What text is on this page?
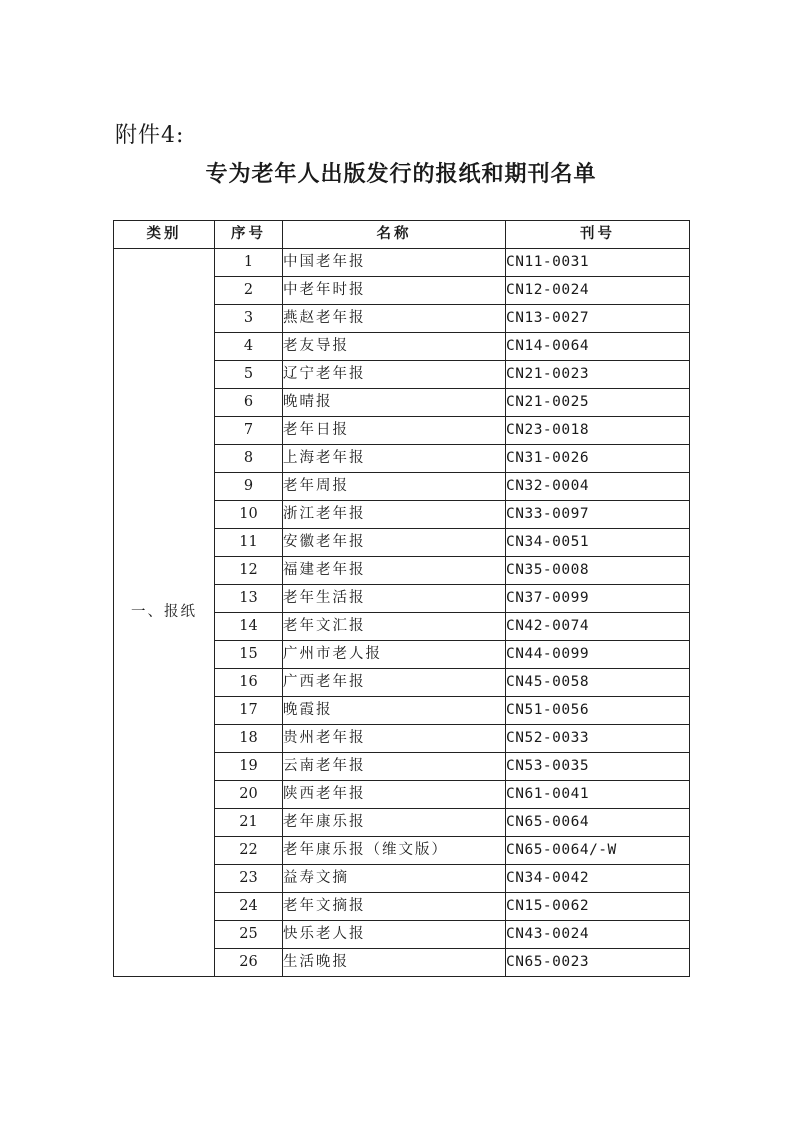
附件4:
专为老年人出版发行的报纸和期刊名单
类别	序号	名称	刊号
一、报纸	1	中国老年报	CN11-0031
	2	中老年时报	CN12-0024
	3	燕赵老年报	CN13-0027
	4	老友导报	CN14-0064
	5	辽宁老年报	CN21-0023
	6	晚晴报	CN21-0025
	7	老年日报	CN23-0018
	8	上海老年报	CN31-0026
	9	老年周报	CN32-0004
	10	浙江老年报	CN33-0097
	11	安徽老年报	CN34-0051
	12	福建老年报	CN35-0008
	13	老年生活报	CN37-0099
	14	老年文汇报	CN42-0074
	15	广州市老人报	CN44-0099
	16	广西老年报	CN45-0058
	17	晚霞报	CN51-0056
	18	贵州老年报	CN52-0033
	19	云南老年报	CN53-0035
	20	陕西老年报	CN61-0041
	21	老年康乐报	CN65-0064
	22	老年康乐报（维文版）	CN65-0064/-W
	23	益寿文摘	CN34-0042
	24	老年文摘报	CN15-0062
	25	快乐老人报	CN43-0024
	26	生活晚报	CN65-0023
